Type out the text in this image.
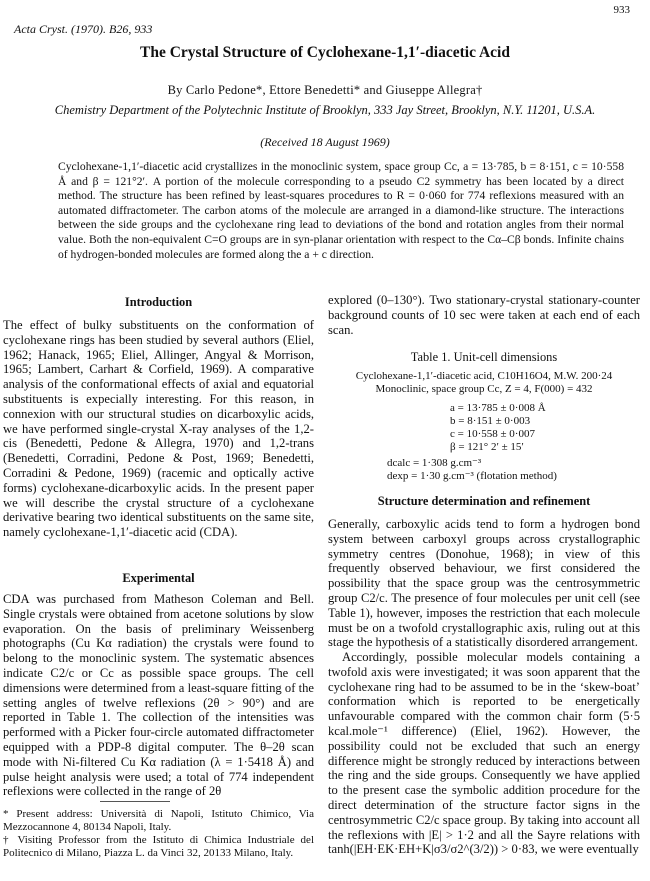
933
Acta Cryst. (1970). B26, 933
The Crystal Structure of Cyclohexane-1,1′-diacetic Acid
By Carlo Pedone*, Ettore Benedetti* and Giuseppe Allegra†
Chemistry Department of the Polytechnic Institute of Brooklyn, 333 Jay Street, Brooklyn, N.Y. 11201, U.S.A.
(Received 18 August 1969)
Cyclohexane-1,1′-diacetic acid crystallizes in the monoclinic system, space group Cc, a = 13·785, b = 8·151, c = 10·558 Å and β = 121°2′. A portion of the molecule corresponding to a pseudo C2 symmetry has been located by a direct method. The structure has been refined by least-squares procedures to R = 0·060 for 774 reflexions measured with an automated diffractometer. The carbon atoms of the molecule are arranged in a diamond-like structure. The interactions between the side groups and the cyclohexane ring lead to deviations of the bond and rotation angles from their normal value. Both the non-equivalent C=O groups are in syn-planar orientation with respect to the Cα–Cβ bonds. Infinite chains of hydrogen-bonded molecules are formed along the a + c direction.
Introduction
The effect of bulky substituents on the conformation of cyclohexane rings has been studied by several authors (Eliel, 1962; Hanack, 1965; Eliel, Allinger, Angyal & Morrison, 1965; Lambert, Carhart & Corfield, 1969). A comparative analysis of the conformational effects of axial and equatorial substituents is expecially interesting. For this reason, in connexion with our structural studies on dicarboxylic acids, we have performed single-crystal X-ray analyses of the 1,2-cis (Benedetti, Pedone & Allegra, 1970) and 1,2-trans (Benedetti, Corradini, Pedone & Post, 1969; Benedetti, Corradini & Pedone, 1969) (racemic and optically active forms) cyclohexane-dicarboxylic acids. In the present paper we will describe the crystal structure of a cyclohexane derivative bearing two identical substituents on the same site, namely cyclohexane-1,1′-diacetic acid (CDA).
Experimental
CDA was purchased from Matheson Coleman and Bell. Single crystals were obtained from acetone solutions by slow evaporation. On the basis of preliminary Weissenberg photographs (Cu Kα radiation) the crystals were found to belong to the monoclinic system. The systematic absences indicate C2/c or Cc as possible space groups. The cell dimensions were determined from a least-square fitting of the setting angles of twelve reflexions (2θ > 90°) and are reported in Table 1. The collection of the intensities was performed with a Picker four-circle automated diffractometer equipped with a PDP-8 digital computer. The θ–2θ scan mode with Ni-filtered Cu Kα radiation (λ = 1·5418 Å) and pulse height analysis were used; a total of 774 independent reflexions were collected in the range of 2θ
* Present address: Università di Napoli, Istituto Chimico, Via Mezzocannone 4, 80134 Napoli, Italy.
† Visiting Professor from the Istituto di Chimica Industriale del Politecnico di Milano, Piazza L. da Vinci 32, 20133 Milano, Italy.
explored (0–130°). Two stationary-crystal stationary-counter background counts of 10 sec were taken at each end of each scan.
Table 1. Unit-cell dimensions
Cyclohexane-1,1′-diacetic acid, C10H16O4, M.W. 200·24
Monoclinic, space group Cc, Z = 4, F(000) = 432
a = 13·785 ± 0·008 Å
b = 8·151 ± 0·003
c = 10·558 ± 0·007
β = 121° 2′ ± 15′
dcalc = 1·308 g.cm⁻³
dexp = 1·30 g.cm⁻³ (flotation method)
Structure determination and refinement
Generally, carboxylic acids tend to form a hydrogen bond system between carboxyl groups across crystallographic symmetry centres (Donohue, 1968); in view of this frequently observed behaviour, we first considered the possibility that the space group was the centrosymmetric group C2/c. The presence of four molecules per unit cell (see Table 1), however, imposes the restriction that each molecule must be on a twofold crystallographic axis, ruling out at this stage the hypothesis of a statistically disordered arrangement.
Accordingly, possible molecular models containing a twofold axis were investigated; it was soon apparent that the cyclohexane ring had to be assumed to be in the ‘skew-boat’ conformation which is reported to be energetically unfavourable compared with the common chair form (5·5 kcal.mole⁻¹ difference) (Eliel, 1962). However, the possibility could not be excluded that such an energy difference might be strongly reduced by interactions between the ring and the side groups. Consequently we have applied to the present case the symbolic addition procedure for the direct determination of the structure factor signs in the centrosymmetric C2/c space group. By taking into account all the reflexions with |E| > 1·2 and all the Sayre relations with tanh(|EH·EK·EH+K|σ3/σ2^(3/2)) > 0·83, we were eventually
